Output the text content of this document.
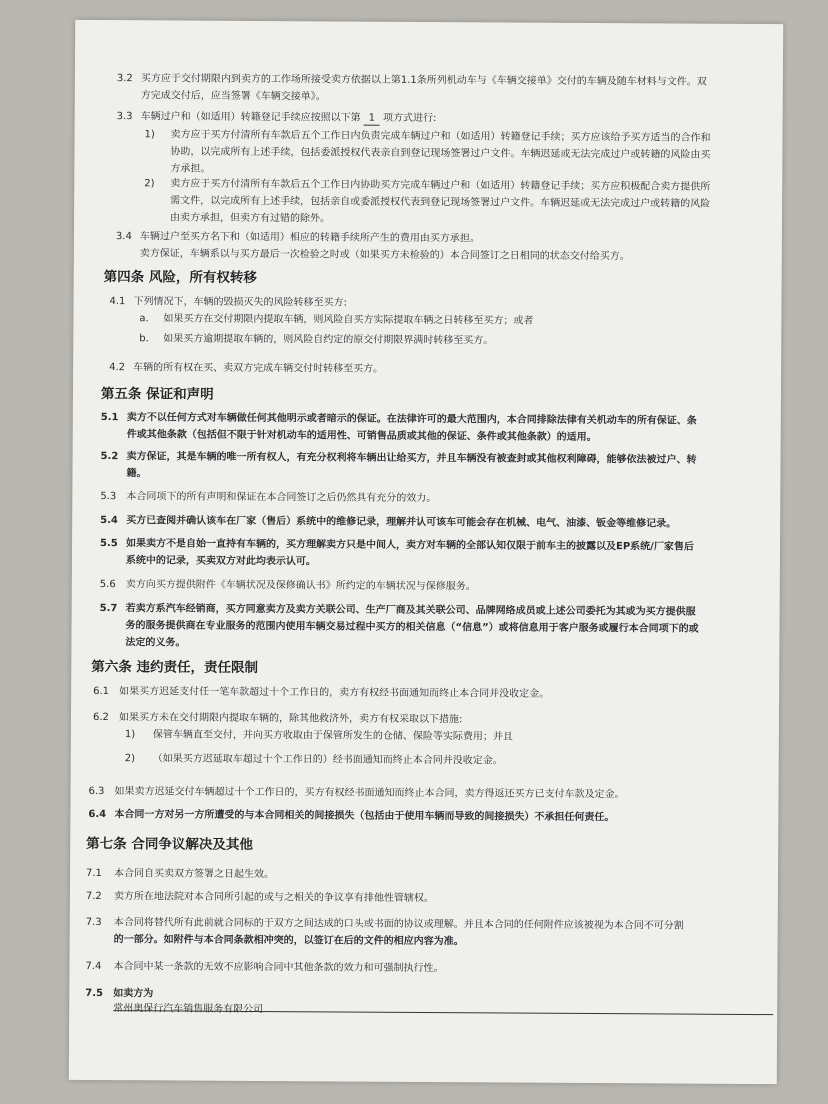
3.2 买方应于交付期限内到卖方的工作场所接受卖方依据以上第1.1条所列机动车与《车辆交接单》交付的车辆及随车材料与文件。双
方完成交付后，应当签署《车辆交接单》。
3.3 车辆过户和（如适用）转籍登记手续应按照以下第 1 项方式进行:
1) 卖方应于买方付清所有车款后五个工作日内负责完成车辆过户和（如适用）转籍登记手续；买方应该给予买方适当的合作和
协助，以完成所有上述手续，包括委派授权代表亲自到登记现场签署过户文件。车辆迟延或无法完成过户或转籍的风险由买
方承担。
2) 卖方应于买方付清所有车款后五个工作日内协助买方完成车辆过户和（如适用）转籍登记手续；买方应积极配合卖方提供所
需文件，以完成所有上述手续，包括亲自或委派授权代表到登记现场签署过户文件。车辆迟延或无法完成过户或转籍的风险
由卖方承担，但卖方有过错的除外。
3.4 车辆过户至买方名下和（如适用）相应的转籍手续所产生的费用由买方承担。
卖方保证，车辆系以与买方最后一次检验之时或（如果买方未检验的）本合同签订之日相同的状态交付给买方。
第四条 风险，所有权转移
4.1 下列情况下，车辆的毁损灭失的风险转移至买方:
a. 如果买方在交付期限内提取车辆，则风险自买方实际提取车辆之日转移至买方；或者
b. 如果买方逾期提取车辆的，则风险自约定的原交付期限界满时转移至买方。
4.2 车辆的所有权在买、卖双方完成车辆交付时转移至买方。
第五条 保证和声明
5.1 卖方不以任何方式对车辆做任何其他明示或者暗示的保证。在法律许可的最大范围内，本合同排除法律有关机动车的所有保证、条
件或其他条款（包括但不限于针对机动车的适用性、可销售品质或其他的保证、条件或其他条款）的适用。
5.2 卖方保证，其是车辆的唯一所有权人，有充分权利将车辆出让给买方，并且车辆没有被查封或其他权利障碍，能够依法被过户、转
籍。
5.3 本合同项下的所有声明和保证在本合同签订之后仍然具有充分的效力。
5.4 买方已查阅并确认该车在厂家（售后）系统中的维修记录，理解并认可该车可能会存在机械、电气、油漆、钣金等维修记录。
5.5 如果卖方不是自始一直持有车辆的，买方理解卖方只是中间人，卖方对车辆的全部认知仅限于前车主的披露以及EP系统/厂家售后
系统中的记录，买卖双方对此均表示认可。
5.6 卖方向买方提供附件《车辆状况及保修确认书》所约定的车辆状况与保修服务。
5.7 若卖方系汽车经销商，买方同意卖方及卖方关联公司、生产厂商及其关联公司、品牌网络成员或上述公司委托为其或为买方提供服
务的服务提供商在专业服务的范围内使用车辆交易过程中买方的相关信息（“信息”）或将信息用于客户服务或履行本合同项下的或
法定的义务。
第六条 违约责任，责任限制
6.1 如果买方迟延支付任一笔车款超过十个工作日的，卖方有权经书面通知而终止本合同并没收定金。
6.2 如果买方未在交付期限内提取车辆的，除其他救济外，卖方有权采取以下措施:
1) 保管车辆直至交付，并向买方收取由于保管所发生的仓储、保险等实际费用；并且
2) （如果买方迟延取车超过十个工作日的）经书面通知而终止本合同并没收定金。
6.3 如果卖方迟延交付车辆超过十个工作日的，买方有权经书面通知而终止本合同，卖方得返还买方已支付车款及定金。
6.4 本合同一方对另一方所遭受的与本合同相关的间接损失（包括由于使用车辆而导致的间接损失）不承担任何责任。
第七条 合同争议解决及其他
7.1 本合同自买卖双方签署之日起生效。
7.2 卖方所在地法院对本合同所引起的或与之相关的争议享有排他性管辖权。
7.3 本合同将替代所有此前就合同标的于双方之间达成的口头或书面的协议或理解。并且本合同的任何附件应该被视为本合同不可分割
的一部分。如附件与本合同条款相冲突的，以签订在后的文件的相应内容为准。
7.4 本合同中某一条款的无效不应影响合同中其他条款的效力和可强制执行性。
7.5 如卖方为
常州奥保行汽车销售服务有限公司
